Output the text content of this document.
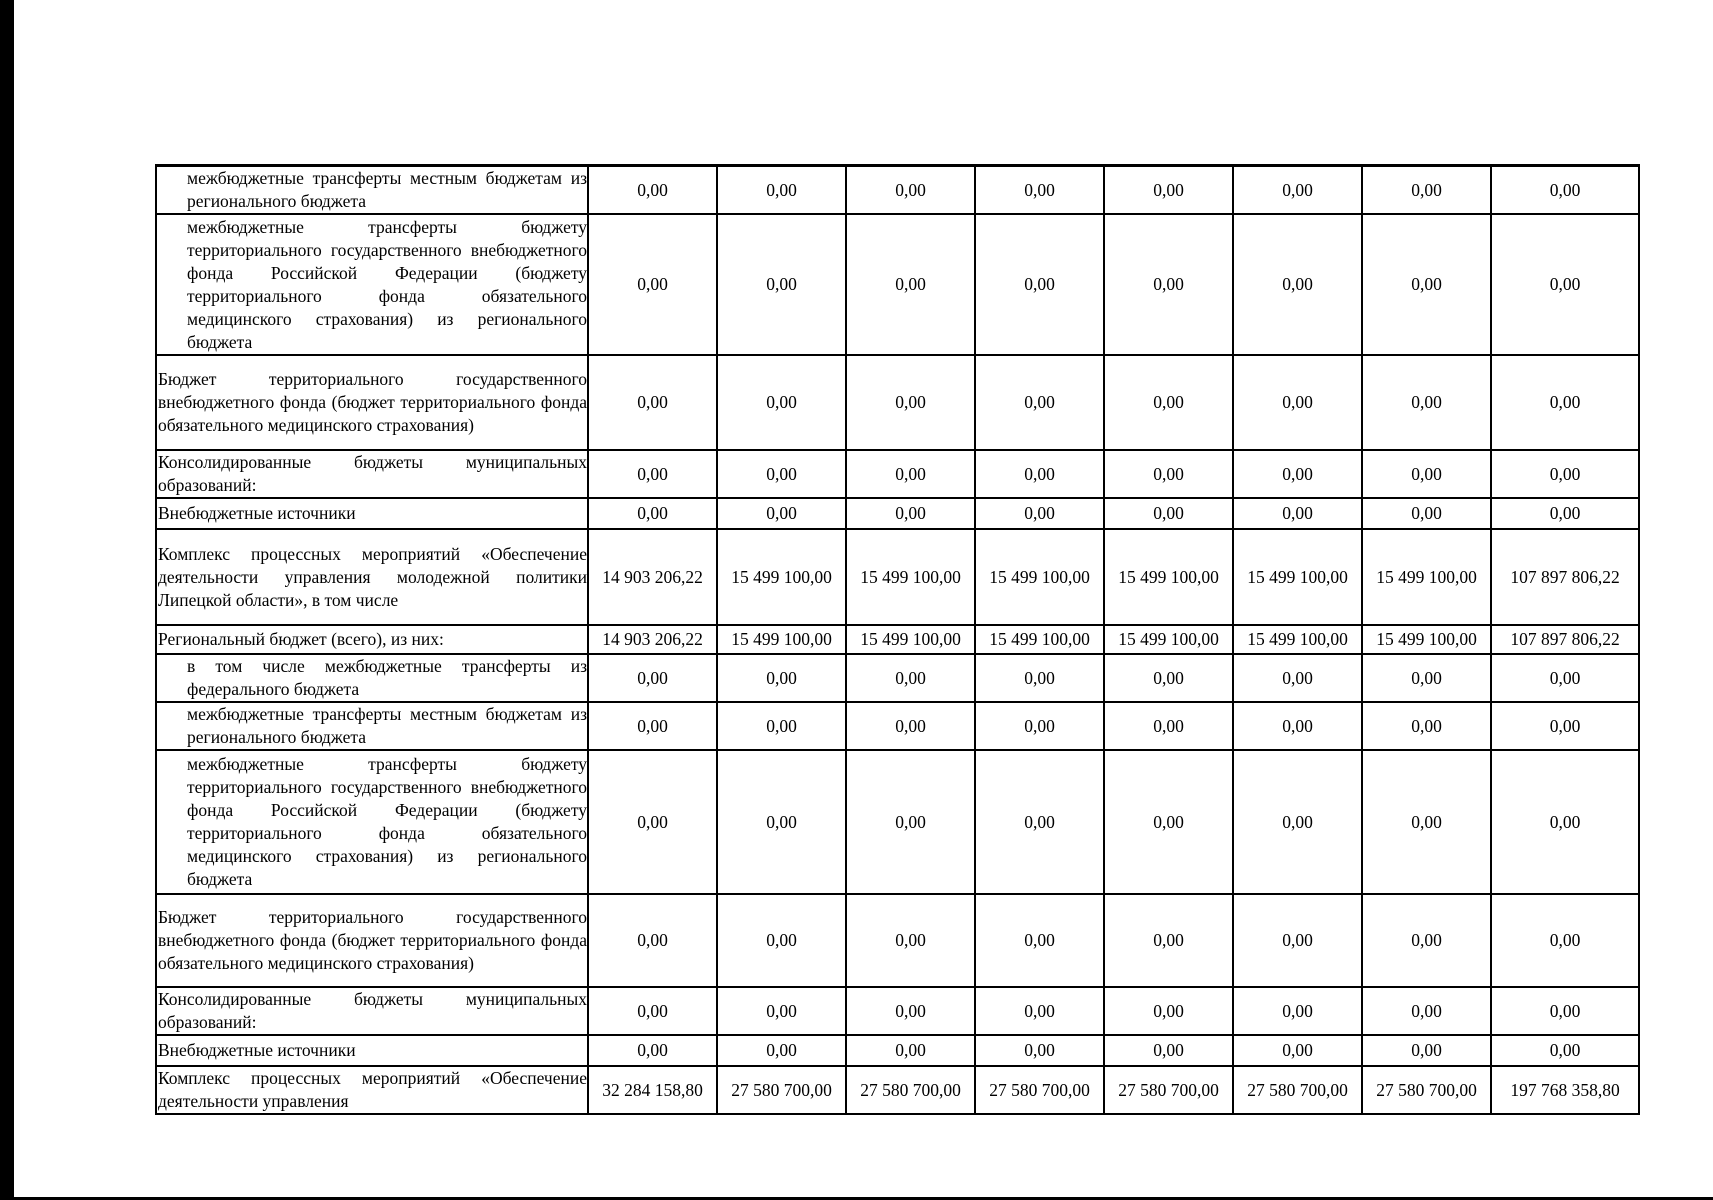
межбюджетные трансферты местным бюджетам из регионального бюджета	0,00	0,00	0,00	0,00	0,00	0,00	0,00	0,00
межбюджетные трансферты бюджету территориального государственного внебюджетного фонда Российской Федерации (бюджету территориального фонда обязательного медицинского страхования) из регионального бюджета	0,00	0,00	0,00	0,00	0,00	0,00	0,00	0,00
Бюджет территориального государственного внебюджетного фонда (бюджет территориального фонда обязательного медицинского страхования)	0,00	0,00	0,00	0,00	0,00	0,00	0,00	0,00
Консолидированные бюджеты муниципальных образований:	0,00	0,00	0,00	0,00	0,00	0,00	0,00	0,00
Внебюджетные источники	0,00	0,00	0,00	0,00	0,00	0,00	0,00	0,00
Комплекс процессных мероприятий «Обеспечение деятельности управления молодежной политики Липецкой области», в том числе	14 903 206,22	15 499 100,00	15 499 100,00	15 499 100,00	15 499 100,00	15 499 100,00	15 499 100,00	107 897 806,22
Региональный бюджет (всего), из них:	14 903 206,22	15 499 100,00	15 499 100,00	15 499 100,00	15 499 100,00	15 499 100,00	15 499 100,00	107 897 806,22
в том числе межбюджетные трансферты из федерального бюджета	0,00	0,00	0,00	0,00	0,00	0,00	0,00	0,00
межбюджетные трансферты местным бюджетам из регионального бюджета	0,00	0,00	0,00	0,00	0,00	0,00	0,00	0,00
межбюджетные трансферты бюджету территориального государственного внебюджетного фонда Российской Федерации (бюджету территориального фонда обязательного медицинского страхования) из регионального бюджета	0,00	0,00	0,00	0,00	0,00	0,00	0,00	0,00
Бюджет территориального государственного внебюджетного фонда (бюджет территориального фонда обязательного медицинского страхования)	0,00	0,00	0,00	0,00	0,00	0,00	0,00	0,00
Консолидированные бюджеты муниципальных образований:	0,00	0,00	0,00	0,00	0,00	0,00	0,00	0,00
Внебюджетные источники	0,00	0,00	0,00	0,00	0,00	0,00	0,00	0,00
Комплекс процессных мероприятий «Обеспечение деятельности управления	32 284 158,80	27 580 700,00	27 580 700,00	27 580 700,00	27 580 700,00	27 580 700,00	27 580 700,00	197 768 358,80
